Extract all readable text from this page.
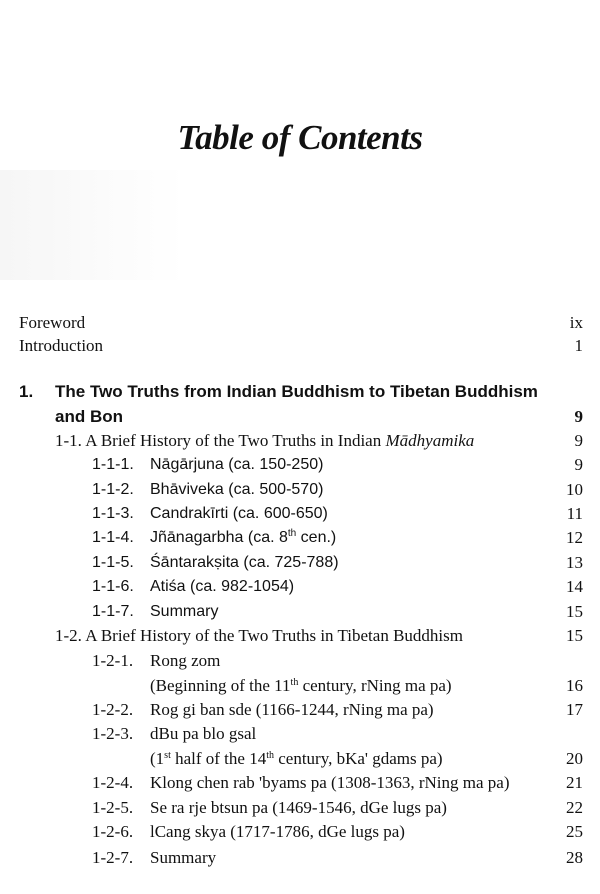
Table of Contents
Foreword	ix
Introduction	1
1. The Two Truths from Indian Buddhism to Tibetan Buddhism
and Bon	9
1-1. A Brief History of the Two Truths in Indian Mādhyamika	9
1-1-1. Nāgārjuna (ca. 150-250)	9
1-1-2. Bhāviveka (ca. 500-570)	10
1-1-3. Candrakīrti (ca. 600-650)	11
1-1-4. Jñānagarbha (ca. 8th cen.)	12
1-1-5. Śāntarakṣita (ca. 725-788)	13
1-1-6. Atiśa (ca. 982-1054)	14
1-1-7. Summary	15
1-2. A Brief History of the Two Truths in Tibetan Buddhism	15
1-2-1. Rong zom
(Beginning of the 11th century, rNing ma pa)	16
1-2-2. Rog gi ban sde (1166-1244, rNing ma pa)	17
1-2-3. dBu pa blo gsal
(1st half of the 14th century, bKa' gdams pa)	20
1-2-4. Klong chen rab 'byams pa (1308-1363, rNing ma pa)	21
1-2-5. Se ra rje btsun pa (1469-1546, dGe lugs pa)	22
1-2-6. lCang skya (1717-1786, dGe lugs pa)	25
1-2-7. Summary	28
